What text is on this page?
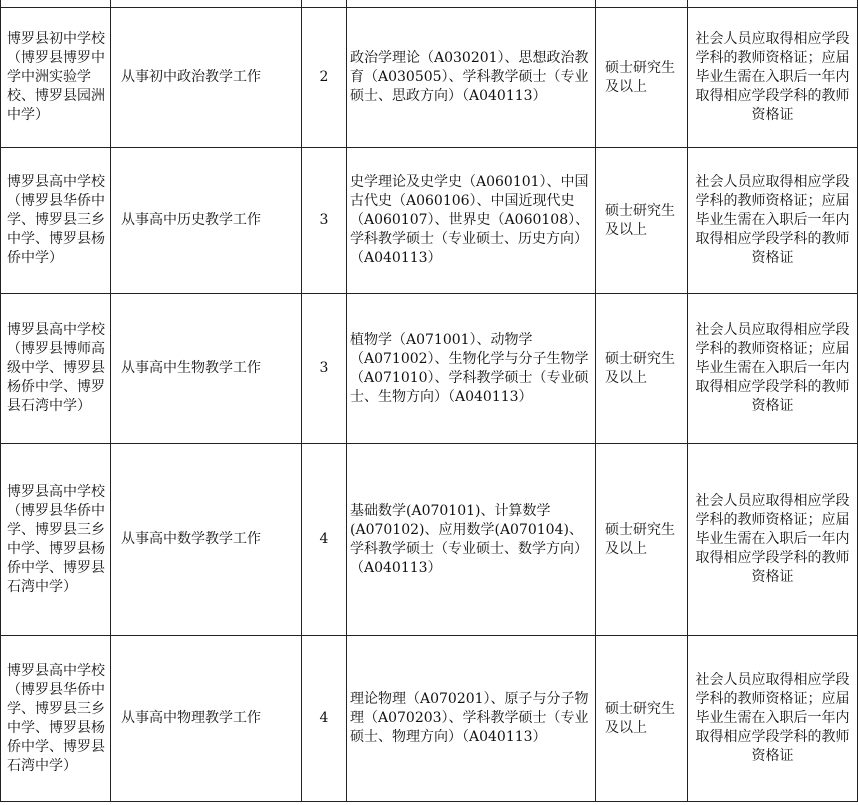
博罗县初中学校（博罗县博罗中学中洲实验学校、博罗县园洲中学）	从事初中政治教学工作	2	政治学理论（A030201）、思想政治教育（A030505）、学科教学硕士（专业硕士、思政方向）（A040113）	硕士研究生及以上	社会人员应取得相应学段学科的教师资格证；应届毕业生需在入职后一年内取得相应学段学科的教师资格证
博罗县高中学校（博罗县华侨中学、博罗县三乡中学、博罗县杨侨中学）	从事高中历史教学工作	3	史学理论及史学史（A060101）、中国古代史（A060106）、中国近现代史（A060107）、世界史（A060108）、学科教学硕士（专业硕士、历史方向）（A040113）	硕士研究生及以上	社会人员应取得相应学段学科的教师资格证；应届毕业生需在入职后一年内取得相应学段学科的教师资格证
博罗县高中学校（博罗县博师高级中学、博罗县杨侨中学、博罗县石湾中学）	从事高中生物教学工作	3	植物学（A071001）、动物学（A071002）、生物化学与分子生物学（A071010）、学科教学硕士（专业硕士、生物方向）（A040113）	硕士研究生及以上	社会人员应取得相应学段学科的教师资格证；应届毕业生需在入职后一年内取得相应学段学科的教师资格证
博罗县高中学校（博罗县华侨中学、博罗县三乡中学、博罗县杨侨中学、博罗县石湾中学）	从事高中数学教学工作	4	基础数学(A070101)、计算数学(A070102)、应用数学(A070104)、学科教学硕士（专业硕士、数学方向）（A040113）	硕士研究生及以上	社会人员应取得相应学段学科的教师资格证；应届毕业生需在入职后一年内取得相应学段学科的教师资格证
博罗县高中学校（博罗县华侨中学、博罗县三乡中学、博罗县杨侨中学、博罗县石湾中学）	从事高中物理教学工作	4	理论物理（A070201）、原子与分子物理（A070203）、学科教学硕士（专业硕士、物理方向）（A040113）	硕士研究生及以上	社会人员应取得相应学段学科的教师资格证；应届毕业生需在入职后一年内取得相应学段学科的教师资格证
